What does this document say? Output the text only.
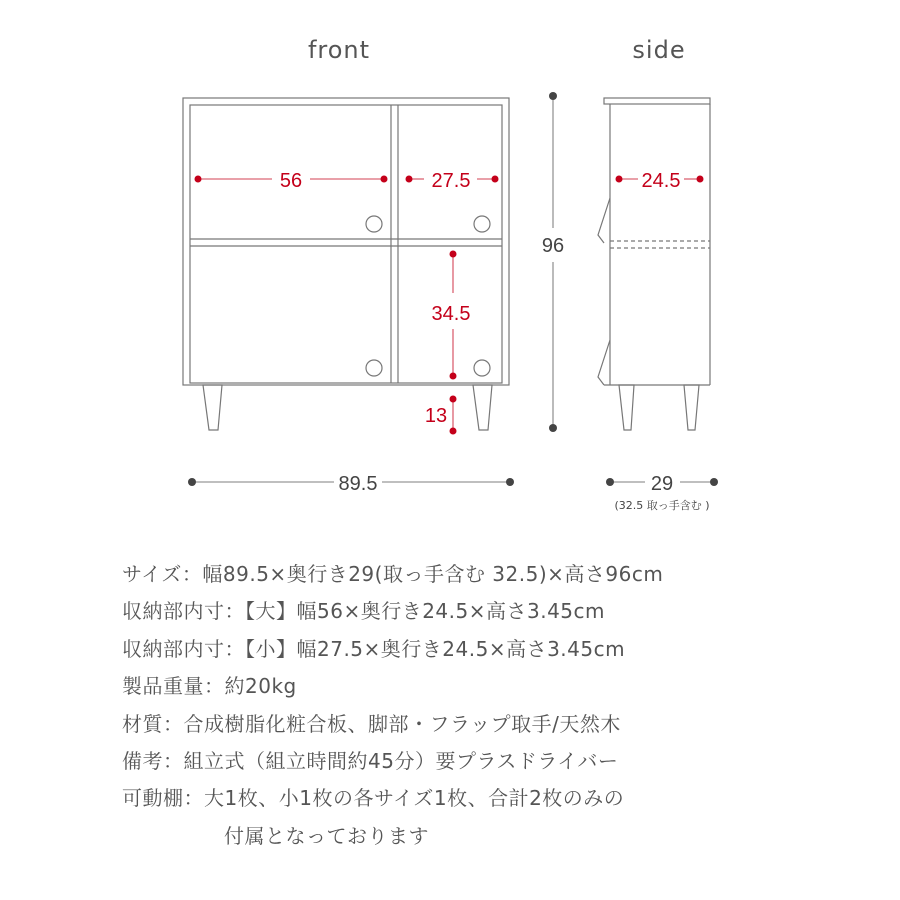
front	side
56	27.5
34.5
13
96
89.5
24.5
29
(32.5 取っ手含む )
サイズ：幅89.5×奥行き29(取っ手含む 32.5)×高さ96cm
収納部内寸：【大】幅56×奥行き24.5×高さ3.45cm
収納部内寸：【小】幅27.5×奥行き24.5×高さ3.45cm
製品重量：約20kg
材質：合成樹脂化粧合板、脚部・フラップ取手/天然木
備考：組立式（組立時間約45分）要プラスドライバー
可動棚：大1枚、小1枚の各サイズ1枚、合計2枚のみの
付属となっております
